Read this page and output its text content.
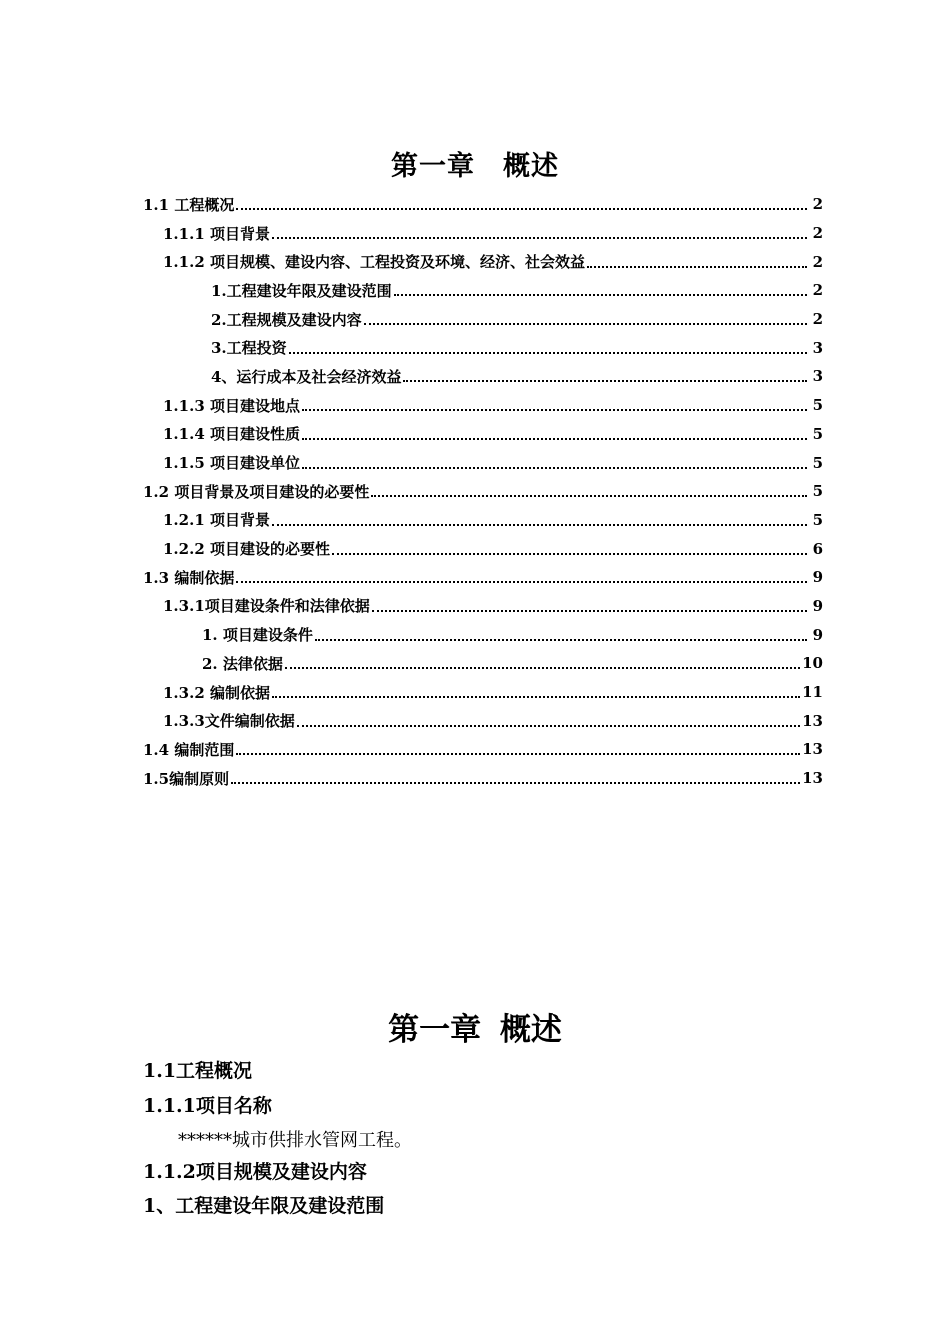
第一章　概述
1.1 工程概况	2
1.1.1 项目背景	2
1.1.2 项目规模、建设内容、工程投资及环境、经济、社会效益	2
1.工程建设年限及建设范围	2
2.工程规模及建设内容	2
3.工程投资	3
4、运行成本及社会经济效益	3
1.1.3 项目建设地点	5
1.1.4 项目建设性质	5
1.1.5 项目建设单位	5
1.2 项目背景及项目建设的必要性	5
1.2.1 项目背景	5
1.2.2 项目建设的必要性	6
1.3 编制依据	9
1.3.1项目建设条件和法律依据	9
1. 项目建设条件	9
2. 法律依据	10
1.3.2 编制依据	11
1.3.3文件编制依据	13
1.4 编制范围	13
1.5编制原则	13
第一章 概述
1.1工程概况
1.1.1项目名称
******城市供排水管网工程。
1.1.2项目规模及建设内容
1、工程建设年限及建设范围
